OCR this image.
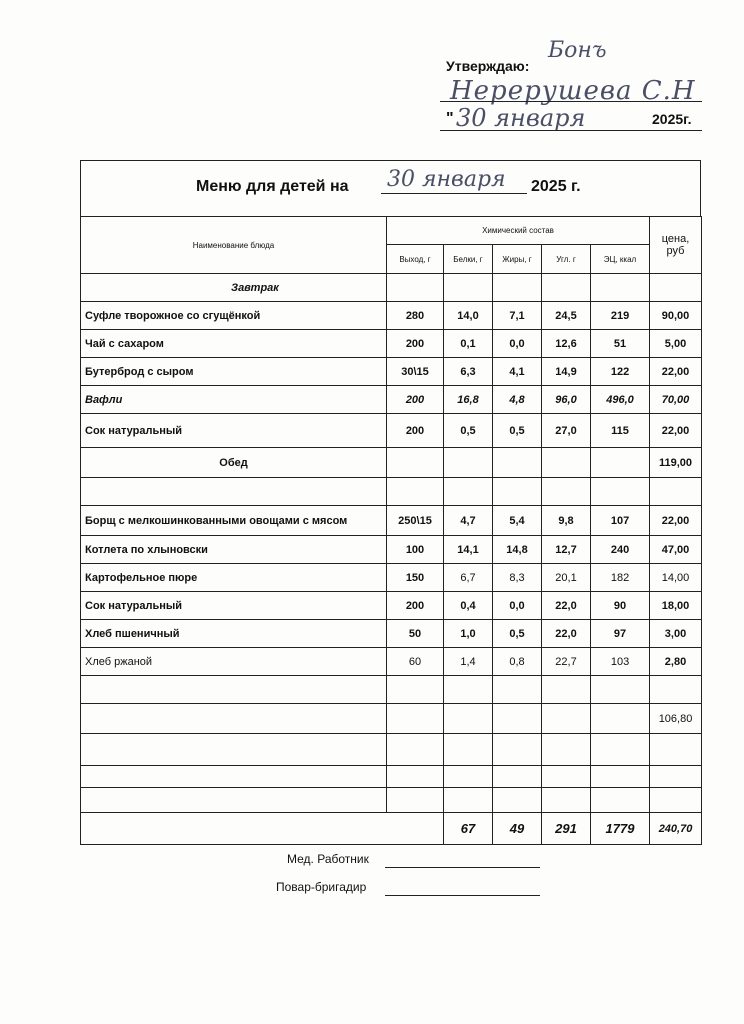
Утверждаю:
Бонъ
Нерерушева С.Н
" 30 января	2025г.
Меню для детей на 30 января 2025 г.
Наименование блюда	Химический состав					цена, руб
	Выход, г	Белки, г	Жиры, г	Угл. г	ЭЦ, ккал	
Завтрак						
Суфле творожное со сгущёнкой	280	14,0	7,1	24,5	219	90,00
Чай с сахаром	200	0,1	0,0	12,6	51	5,00
Бутерброд с сыром	30\15	6,3	4,1	14,9	122	22,00
Вафли	200	16,8	4,8	96,0	496,0	70,00
Сок натуральный	200	0,5	0,5	27,0	115	22,00
Обед						119,00

Борщ с мелкошинкованными овощами с мясом	250\15	4,7	5,4	9,8	107	22,00
Котлета по хлыновски	100	14,1	14,8	12,7	240	47,00
Картофельное пюре	150	6,7	8,3	20,1	182	14,00
Сок натуральный	200	0,4	0,0	22,0	90	18,00
Хлеб пшеничный	50	1,0	0,5	22,0	97	3,00
Хлеб ржаной	60	1,4	0,8	22,7	103	2,80

						106,80

		67	49	291	1779	240,70
Мед. Работник
Повар-бригадир
